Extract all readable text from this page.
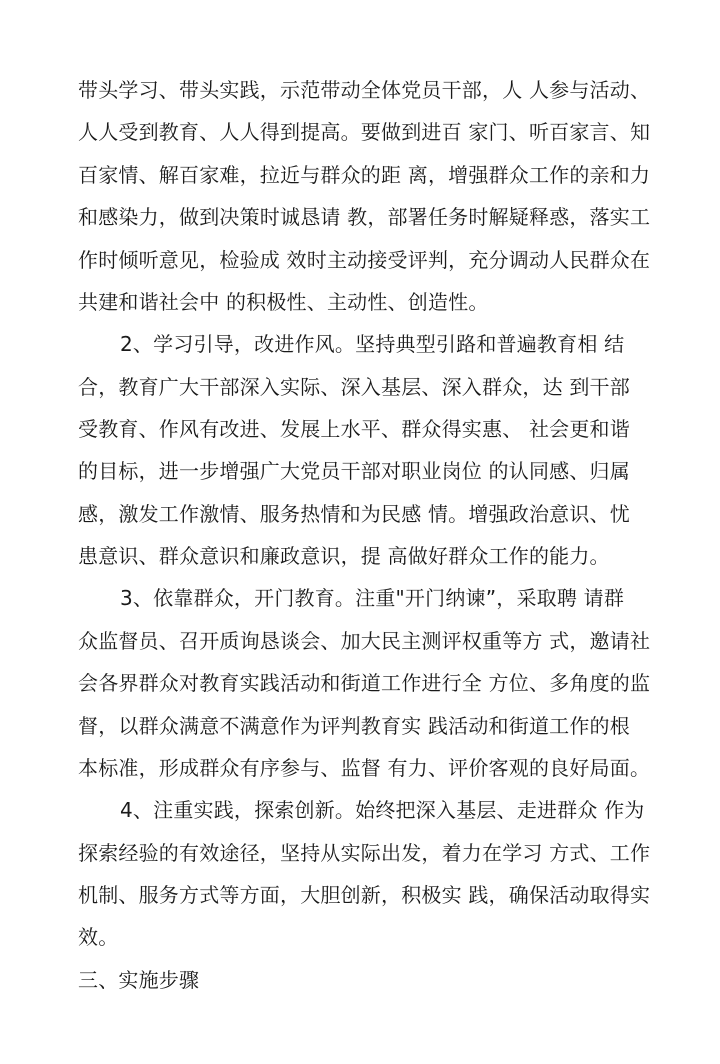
带头学习、带头实践，示范带动全体党员干部，人 人参与活动、
人人受到教育、人人得到提高。要做到进百 家门、听百家言、知
百家情、解百家难，拉近与群众的距 离，增强群众工作的亲和力
和感染力，做到决策时诚恳请 教，部署任务时解疑释惑，落实工
作时倾听意见，检验成 效时主动接受评判，充分调动人民群众在
共建和谐社会中 的积极性、主动性、创造性。
2、学习引导，改进作风。坚持典型引路和普遍教育相 结
合，教育广大干部深入实际、深入基层、深入群众，达 到干部
受教育、作风有改进、发展上水平、群众得实惠、 社会更和谐
的目标，进一步增强广大党员干部对职业岗位 的认同感、归属
感，激发工作激情、服务热情和为民感 情。增强政治意识、忧
患意识、群众意识和廉政意识，提 高做好群众工作的能力。
3、依靠群众，开门教育。注重"开门纳谏”，采取聘 请群
众监督员、召开质询恳谈会、加大民主测评权重等方 式，邀请社
会各界群众对教育实践活动和街道工作进行全 方位、多角度的监
督，以群众满意不满意作为评判教育实 践活动和街道工作的根
本标准，形成群众有序参与、监督 有力、评价客观的良好局面。
4、注重实践，探索创新。始终把深入基层、走进群众 作为
探索经验的有效途径，坚持从实际出发，着力在学习 方式、工作
机制、服务方式等方面，大胆创新，积极实 践，确保活动取得实
效。
三、实施步骤
